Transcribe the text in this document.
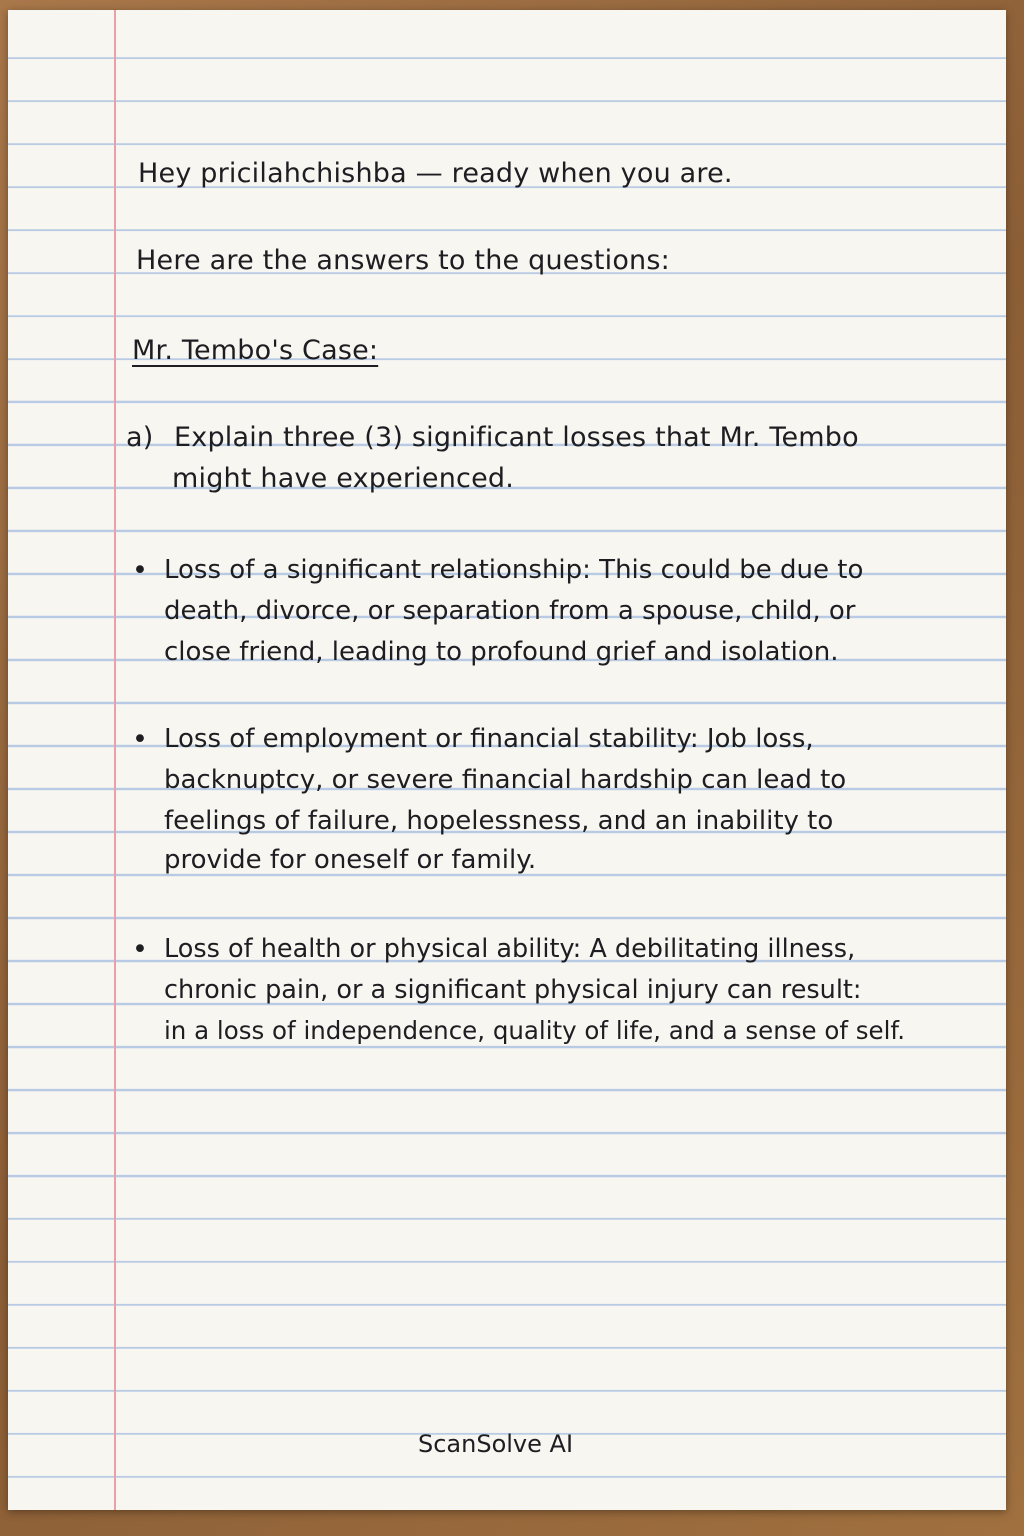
Hey pricilahchishba — ready when you are.
Here are the answers to the questions:
Mr. Tembo's Case:
a) Explain three (3) significant losses that Mr. Tembo
might have experienced.
• Loss of a significant relationship: This could be due to
death, divorce, or separation from a spouse, child, or
close friend, leading to profound grief and isolation.
• Loss of employment or financial stability: Job loss,
backnuptcy, or severe financial hardship can lead to
feelings of failure, hopelessness, and an inability to
provide for oneself or family.
• Loss of health or physical ability: A debilitating illness,
chronic pain, or a significant physical injury can result:
in a loss of independence, quality of life, and a sense of self.
ScanSolve AI
